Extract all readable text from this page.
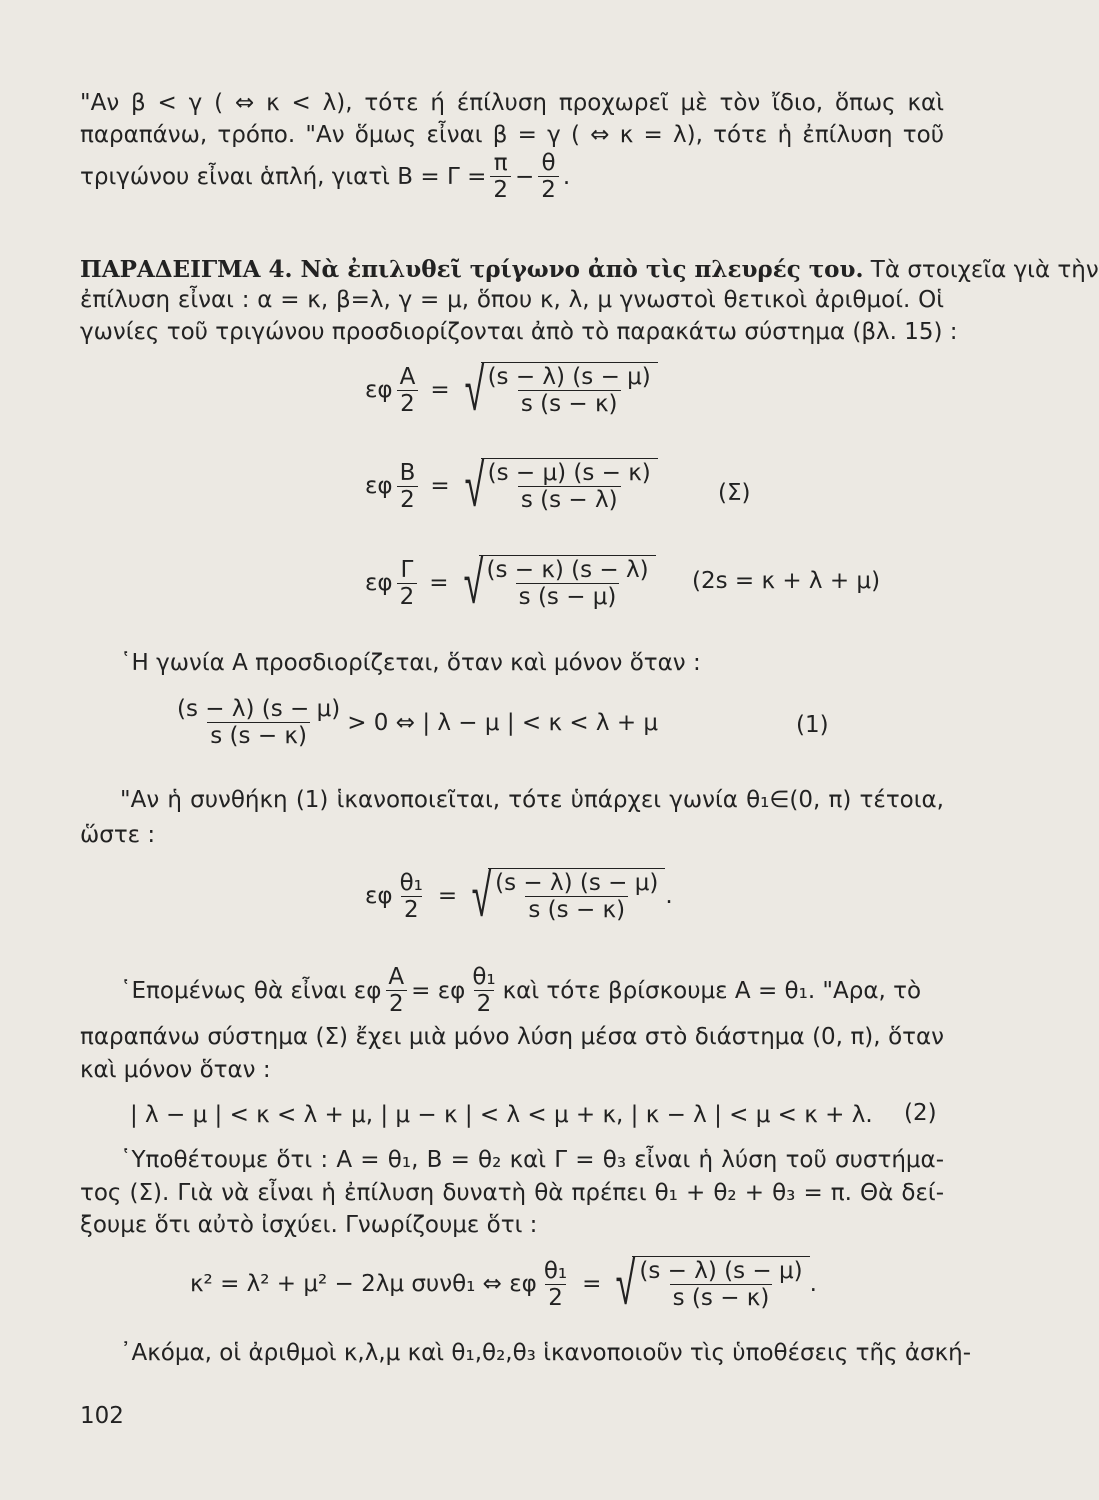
"Αν β < γ ( ⇔ κ < λ), τότε ή έπίλυση προχωρεῖ μὲ τὸν ἴδιο, ὅπως καὶ
παραπάνω, τρόπο. "Αν ὅμως εἶναι β = γ ( ⇔ κ = λ), τότε ἡ ἐπίλυση τοῦ
τριγώνου εἶναι ἁπλή, γιατὶ $B = \Gamma = \frac{\pi}{2} - \frac{\theta}{2}$ .
ΠΑΡΑΔΕΙΓΜΑ 4. Νὰ ἐπιλυθεῖ τρίγωνο ἀπὸ τὶς πλευρές του. Τὰ στοιχεῖα γιὰ τὴν
ἐπίλυση εἶναι : α = κ, β=λ, γ = μ, ὅπου κ, λ, μ γνωστοὶ θετικοὶ ἀριθμοί. Οἱ
γωνίες τοῦ τριγώνου προσδιορίζονται ἀπὸ τὸ παρακάτω σύστημα (βλ. 15) :
εφ $\frac{A}{2}$ = √ $\frac{(s - \lambda) (s - \mu)}{s (s - \kappa)}$
εφ $\frac{B}{2}$ = √ $\frac{(s - \mu) (s - \kappa)}{s (s - \lambda)}$	(Σ)
εφ $\frac{\Gamma}{2}$ = √ $\frac{(s - \kappa) (s - \lambda)}{s (s - \mu)} (2s = \kappa + \lambda + \mu)$
῾Η γωνία Α προσδιορίζεται, ὅταν καὶ μόνον ὅταν :
$\frac{(s - \lambda) (s - \mu)}{s (s - \kappa)} > 0$ ⇔ | λ − μ | < κ < λ + μ	(1)
"Αν ἡ συνθήκη (1) ἱκανοποιεῖται, τότε ὑπάρχει γωνία θ₁∈(0, π) τέτοια,
ὥστε :
εφ $\frac{\text{θ₁}}{2}$ = √ $\frac{(s - \lambda) (s - \mu)}{s (s - \kappa)}$ .
῾Επομένως θὰ εἶναι εφ $\frac{A}{2} = \varepsilon\varphi \frac{\text{θ₁}}{2}$ καὶ τότε βρίσκουμε Α = θ₁. "Αρα, τὸ
παραπάνω σύστημα (Σ) ἔχει μιὰ μόνο λύση μέσα στὸ διάστημα (0, π), ὅταν
καὶ μόνον ὅταν :
| λ − μ | < κ < λ + μ, | μ − κ | < λ < μ + κ, | κ − λ | < μ < κ + λ. (2)
῾Υποθέτουμε ὅτι : Α = θ₁, Β = θ₂ καὶ Γ = θ₃ εἶναι ἡ λύση τοῦ συστήμα-
τος (Σ). Γιὰ νὰ εἶναι ἡ ἐπίλυση δυνατὴ θὰ πρέπει θ₁ + θ₂ + θ₃ = π. Θὰ δεί-
ξουμε ὅτι αὐτὸ ἰσχύει. Γνωρίζουμε ὅτι :
κ² = λ² + μ² − 2λμ συνθ₁ ⇔ εφ $\frac{\text{θ₁}}{2}$ = √ $\frac{(s - \lambda) (s - \mu)}{s (s - \kappa)}$ .
᾿Ακόμα, οἱ ἀριθμοὶ κ,λ,μ καὶ θ₁,θ₂,θ₃ ἱκανοποιοῦν τὶς ὑποθέσεις τῆς ἀσκή-
102
